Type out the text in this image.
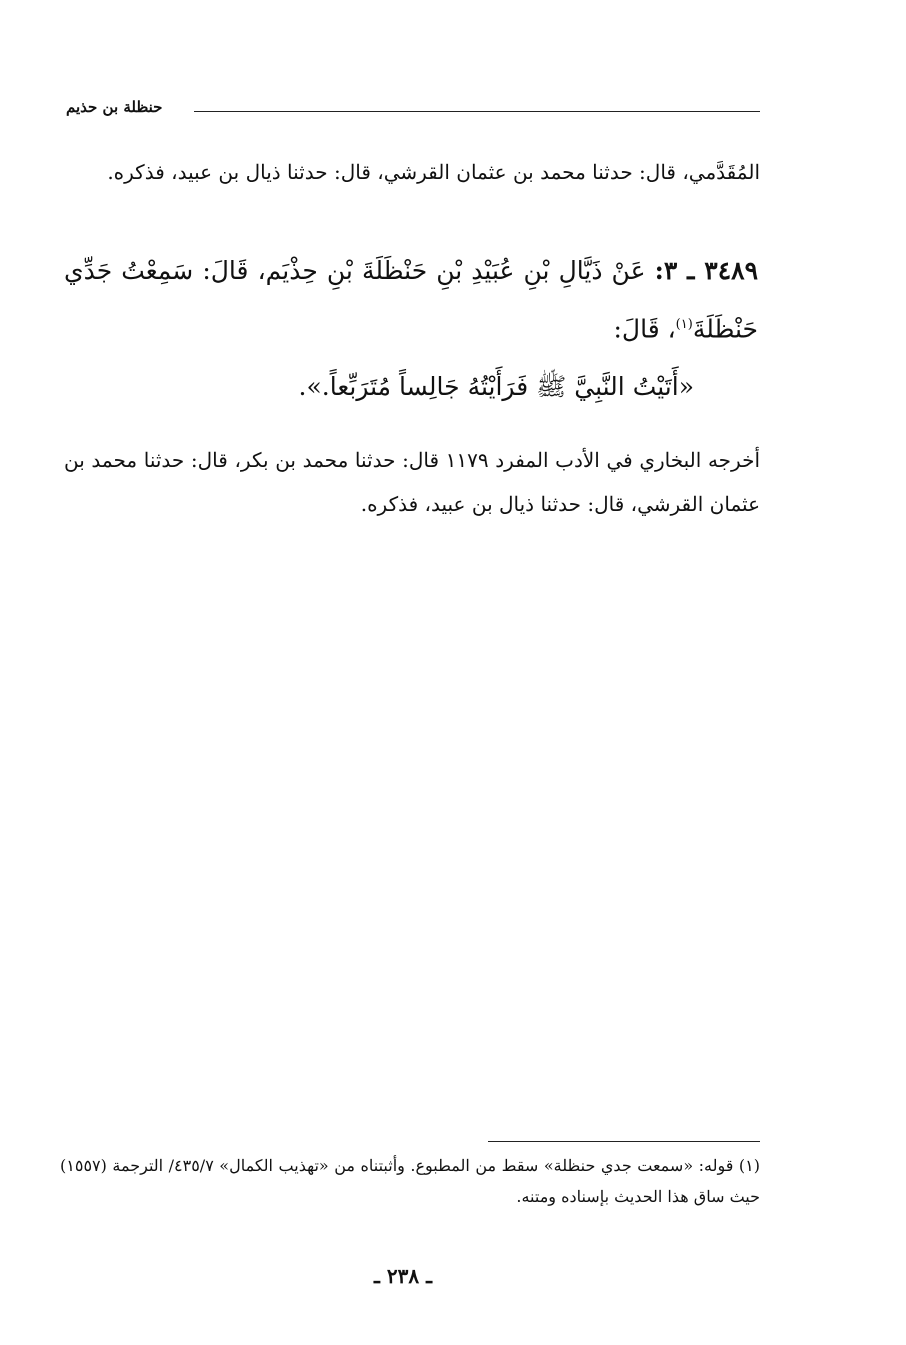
حنظلة بن حذيم

المُقَدَّمي، قال: حدثنا محمد بن عثمان القرشي، قال: حدثنا ذيال بن عبيد، فذكره.

٣٤٨٩ ـ ٣: عَنْ ذَيَّالِ بْنِ عُبَيْدِ بْنِ حَنْظَلَةَ بْنِ حِذْيَم، قَالَ: سَمِعْتُ جَدِّي حَنْظَلَةَ$^{(١)}$، قَالَ:

«أَتَيْتُ النَّبِيَّ ﷺ فَرَأَيْتُهُ جَالِساً مُتَرَبِّعاً.».

أخرجه البخاري في الأدب المفرد ١١٧٩ قال: حدثنا محمد بن بكر، قال: حدثنا محمد بن عثمان القرشي، قال: حدثنا ذيال بن عبيد، فذكره.

(١) قوله: «سمعت جدي حنظلة» سقط من المطبوع. وأثبتناه من «تهذيب الكمال» ٤٣٥/٧/ الترجمة (١٥٥٧) حيث ساق هذا الحديث بإسناده ومتنه.

ـ ٢٣٨ ـ
